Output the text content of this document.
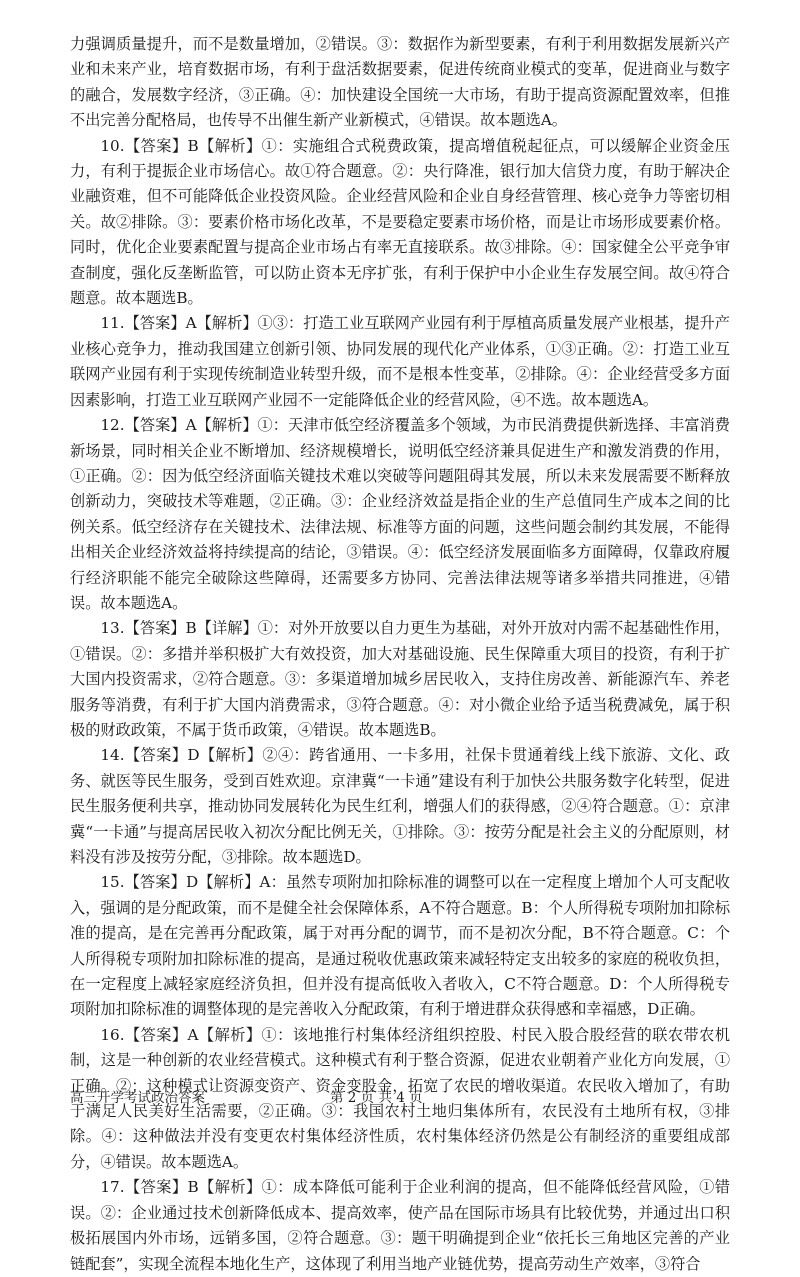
力强调质量提升，而不是数量增加，②错误。③：数据作为新型要素，有利于利用数据发展新兴产业和未来产业，培育数据市场，有利于盘活数据要素，促进传统商业模式的变革，促进商业与数字的融合，发展数字经济，③正确。④：加快建设全国统一大市场，有助于提高资源配置效率，但推不出完善分配格局，也传导不出催生新产业新模式，④错误。故本题选A。

10.【答案】B【解析】①：实施组合式税费政策，提高增值税起征点，可以缓解企业资金压力，有利于提振企业市场信心。故①符合题意。②：央行降准，银行加大信贷力度，有助于解决企业融资难，但不可能降低企业投资风险。企业经营风险和企业自身经营管理、核心竞争力等密切相关。故②排除。③：要素价格市场化改革，不是要稳定要素市场价格，而是让市场形成要素价格。同时，优化企业要素配置与提高企业市场占有率无直接联系。故③排除。④：国家健全公平竞争审查制度，强化反垄断监管，可以防止资本无序扩张，有利于保护中小企业生存发展空间。故④符合题意。故本题选B。

11.【答案】A【解析】①③：打造工业互联网产业园有利于厚植高质量发展产业根基，提升产业核心竞争力，推动我国建立创新引领、协同发展的现代化产业体系，①③正确。②：打造工业互联网产业园有利于实现传统制造业转型升级，而不是根本性变革，②排除。④：企业经营受多方面因素影响，打造工业互联网产业园不一定能降低企业的经营风险，④不选。故本题选A。

12.【答案】A【解析】①：天津市低空经济覆盖多个领域，为市民消费提供新选择、丰富消费新场景，同时相关企业不断增加、经济规模增长，说明低空经济兼具促进生产和激发消费的作用，①正确。②：因为低空经济面临关键技术难以突破等问题阻碍其发展，所以未来发展需要不断释放创新动力，突破技术等难题，②正确。③：企业经济效益是指企业的生产总值同生产成本之间的比例关系。低空经济存在关键技术、法律法规、标准等方面的问题，这些问题会制约其发展，不能得出相关企业经济效益将持续提高的结论，③错误。④：低空经济发展面临多方面障碍，仅靠政府履行经济职能不能完全破除这些障碍，还需要多方协同、完善法律法规等诸多举措共同推进，④错误。故本题选A。

13.【答案】B【详解】①：对外开放要以自力更生为基础，对外开放对内需不起基础性作用，①错误。②：多措并举积极扩大有效投资，加大对基础设施、民生保障重大项目的投资，有利于扩大国内投资需求，②符合题意。③：多渠道增加城乡居民收入，支持住房改善、新能源汽车、养老服务等消费，有利于扩大国内消费需求，③符合题意。④：对小微企业给予适当税费减免，属于积极的财政政策，不属于货币政策，④错误。故本题选B。

14.【答案】D【解析】②④：跨省通用、一卡多用，社保卡贯通着线上线下旅游、文化、政务、就医等民生服务，受到百姓欢迎。京津冀“一卡通”建设有利于加快公共服务数字化转型，促进民生服务便利共享，推动协同发展转化为民生红利，增强人们的获得感，②④符合题意。①：京津冀“一卡通”与提高居民收入初次分配比例无关，①排除。③：按劳分配是社会主义的分配原则，材料没有涉及按劳分配，③排除。故本题选D。

15.【答案】D【解析】A：虽然专项附加扣除标准的调整可以在一定程度上增加个人可支配收入，强调的是分配政策，而不是健全社会保障体系，A不符合题意。B：个人所得税专项附加扣除标准的提高，是在完善再分配政策，属于对再分配的调节，而不是初次分配，B不符合题意。C：个人所得税专项附加扣除标准的提高，是通过税收优惠政策来减轻特定支出较多的家庭的税收负担，在一定程度上减轻家庭经济负担，但并没有提高低收入者收入，C不符合题意。D：个人所得税专项附加扣除标准的调整体现的是完善收入分配政策，有利于增进群众获得感和幸福感，D正确。

16.【答案】A【解析】①：该地推行村集体经济组织控股、村民入股合股经营的联农带农机制，这是一种创新的农业经营模式。这种模式有利于整合资源，促进农业朝着产业化方向发展，①正确。②：这种模式让资源变资产、资金变股金，拓宽了农民的增收渠道。农民收入增加了，有助于满足人民美好生活需要，②正确。③：我国农村土地归集体所有，农民没有土地所有权，③排除。④：这种做法并没有变更农村集体经济性质，农村集体经济仍然是公有制经济的重要组成部分，④错误。故本题选A。

17.【答案】B【解析】①：成本降低可能利于企业利润的提高，但不能降低经营风险，①错误。②：企业通过技术创新降低成本、提高效率，使产品在国际市场具有比较优势，并通过出口积极拓展国内外市场，远销多国，②符合题意。③：题干明确提到企业“依托长三角地区完善的产业链配套”，实现全流程本地化生产，这体现了利用当地产业链优势，提高劳动生产效率，③符合

高三开学考试政治答案	第 2 页 共 4 页
